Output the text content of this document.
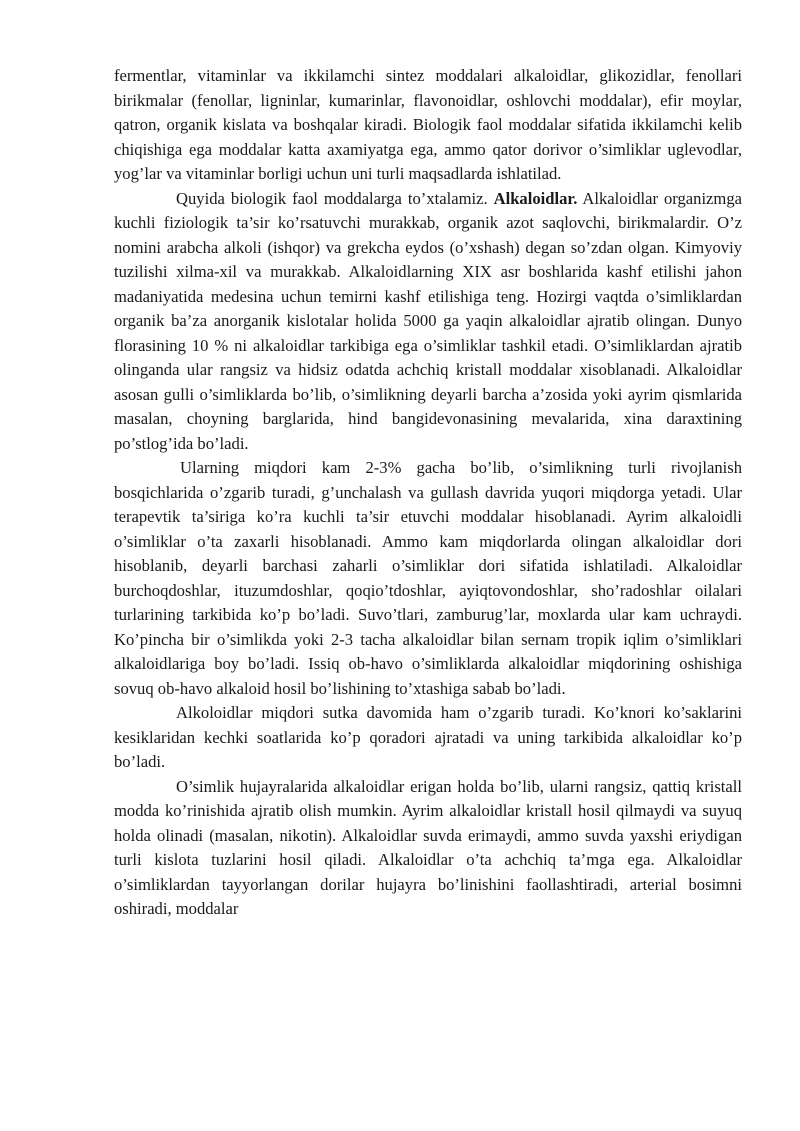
fermentlar, vitaminlar va ikkilamchi sintez moddalari alkaloidlar, glikozidlar, fenollari birikmalar (fenollar, ligninlar, kumarinlar, flavonoidlar, oshlovchi moddalar), efir moylar, qatron, organik kislata va boshqalar kiradi. Biologik faol moddalar sifatida ikkilamchi kelib chiqishiga ega moddalar katta axamiyatga ega, ammo qator dorivor o’simliklar uglevodlar, yog’lar va vitaminlar borligi uchun uni turli maqsadlarda ishlatilad.

Quyida biologik faol moddalarga to’xtalamiz. Alkaloidlar. Alkaloidlar organizmga kuchli fiziologik ta’sir ko’rsatuvchi murakkab, organik azot saqlovchi, birikmalardir. O’z nomini arabcha alkoli (ishqor) va grekcha eydos (o’xshash) degan so’zdan olgan. Kimyoviy tuzilishi xilma-xil va murakkab. Alkaloidlarning XIX asr boshlarida kashf etilishi jahon madaniyatida medesina uchun temirni kashf etilishiga teng. Hozirgi vaqtda o’simliklardan organik ba’za anorganik kislotalar holida 5000 ga yaqin alkaloidlar ajratib olingan. Dunyo florasining 10 % ni alkaloidlar tarkibiga ega o’simliklar tashkil etadi. O’simliklardan ajratib olinganda ular rangsiz va hidsiz odatda achchiq kristall moddalar xisoblanadi. Alkaloidlar asosan gulli o’simliklarda bo’lib, o’simlikning deyarli barcha a’zosida yoki ayrim qismlarida masalan, choyning barglarida, hind bangidevonasining mevalarida, xina daraxtining po’stlog’ida bo’ladi.

Ularning miqdori kam 2-3% gacha bo’lib, o’simlikning turli rivojlanish bosqichlarida o’zgarib turadi, g’unchalash va gullash davrida yuqori miqdorga yetadi. Ular terapevtik ta’siriga ko’ra kuchli ta’sir etuvchi moddalar hisoblanadi. Ayrim alkaloidli o’simliklar o’ta zaxarli hisoblanadi. Ammo kam miqdorlarda olingan alkaloidlar dori hisoblanib, deyarli barchasi zaharli o’simliklar dori sifatida ishlatiladi. Alkaloidlar burchoqdoshlar, ituzumdoshlar, qoqio’tdoshlar, ayiqtovondoshlar, sho’radoshlar oilalari turlarining tarkibida ko’p bo’ladi. Suvo’tlari, zamburug’lar, moxlarda ular kam uchraydi. Ko’pincha bir o’simlikda yoki 2-3 tacha alkaloidlar bilan sernam tropik iqlim o’simliklari alkaloidlariga boy bo’ladi. Issiq ob-havo o’simliklarda alkaloidlar miqdorining oshishiga sovuq ob-havo alkaloid hosil bo’lishining to’xtashiga sabab bo’ladi.

Alkoloidlar miqdori sutka davomida ham o’zgarib turadi. Ko’knori ko’saklarini kesiklaridan kechki soatlarida ko’p qoradori ajratadi va uning tarkibida alkaloidlar ko’p bo’ladi.

O’simlik hujayralarida alkaloidlar erigan holda bo’lib, ularni rangsiz, qattiq kristall modda ko’rinishida ajratib olish mumkin. Ayrim alkaloidlar kristall hosil qilmaydi va suyuq holda olinadi (masalan, nikotin). Alkaloidlar suvda erimaydi, ammo suvda yaxshi eriydigan turli kislota tuzlarini hosil qiladi. Alkaloidlar o’ta achchiq ta’mga ega. Alkaloidlar o’simliklardan tayyorlangan dorilar hujayra bo’linishini faollashtiradi, arterial bosimni oshiradi, moddalar
